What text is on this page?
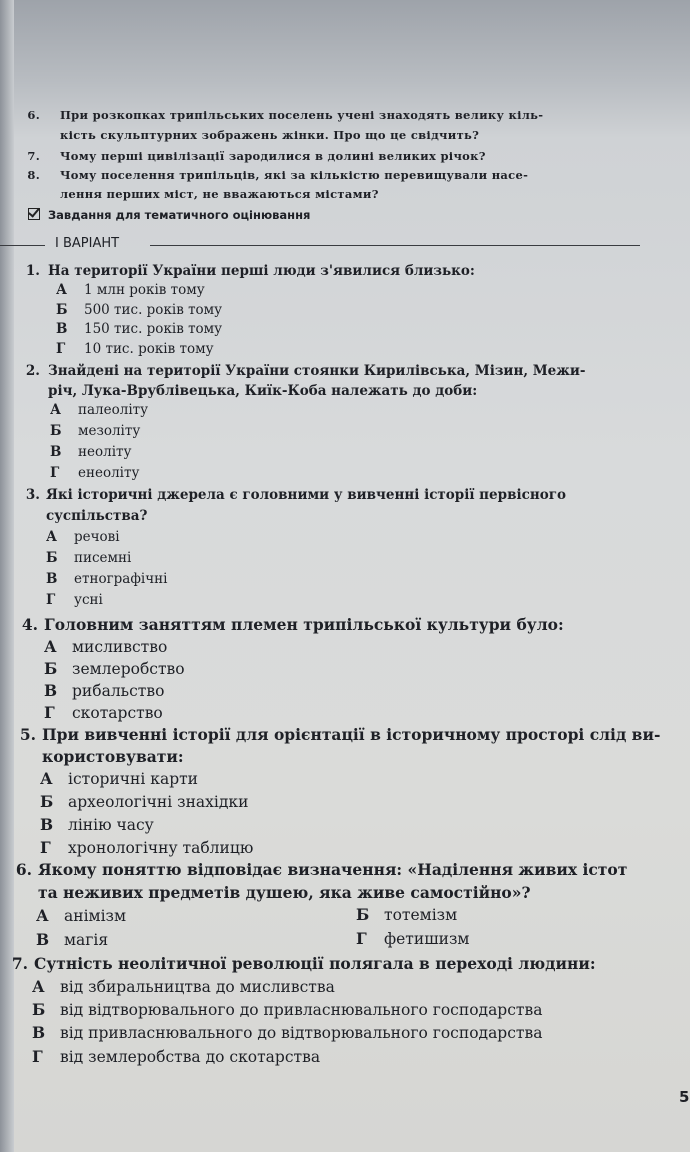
6. При розкопках трипільських поселень учені знаходять велику кіль-
кість скульптурних зображень жінки. Про що це свідчить?
7. Чому перші цивілізації зародилися в долині великих річок?
8. Чому поселення трипільців, які за кількістю перевищували насе-
лення перших міст, не вважаються містами?
Завдання для тематичного оцінювання
І ВАРІАНТ
1. На території України перші люди з'явилися близько:
А 1 млн років тому
Б 500 тис. років тому
В 150 тис. років тому
Г 10 тис. років тому
2. Знайдені на території України стоянки Кирилівська, Мізин, Межи-
річ, Лука-Врублівецька, Киїк-Коба належать до доби:
А палеоліту
Б мезоліту
В неоліту
Г енеоліту
3. Які історичні джерела є головними у вивченні історії первісного
суспільства?
А речові
Б писемні
В етнографічні
Г усні
4. Головним заняттям племен трипільської культури було:
А мисливство
Б землеробство
В рибальство
Г скотарство
5. При вивченні історії для орієнтації в історичному просторі слід ви-
користовувати:
А історичні карти
Б археологічні знахідки
В лінію часу
Г хронологічну таблицю
6. Якому поняттю відповідає визначення: «Наділення живих істот
та неживих предметів душею, яка живе самостійно»?
А анімізм	Б тотемізм
В магія	Г фетишизм
7. Сутність неолітичної революції полягала в переході людини:
А від збиральництва до мисливства
Б від відтворювального до привласнювального господарства
В від привласнювального до відтворювального господарства
Г від землеробства до скотарства
5
